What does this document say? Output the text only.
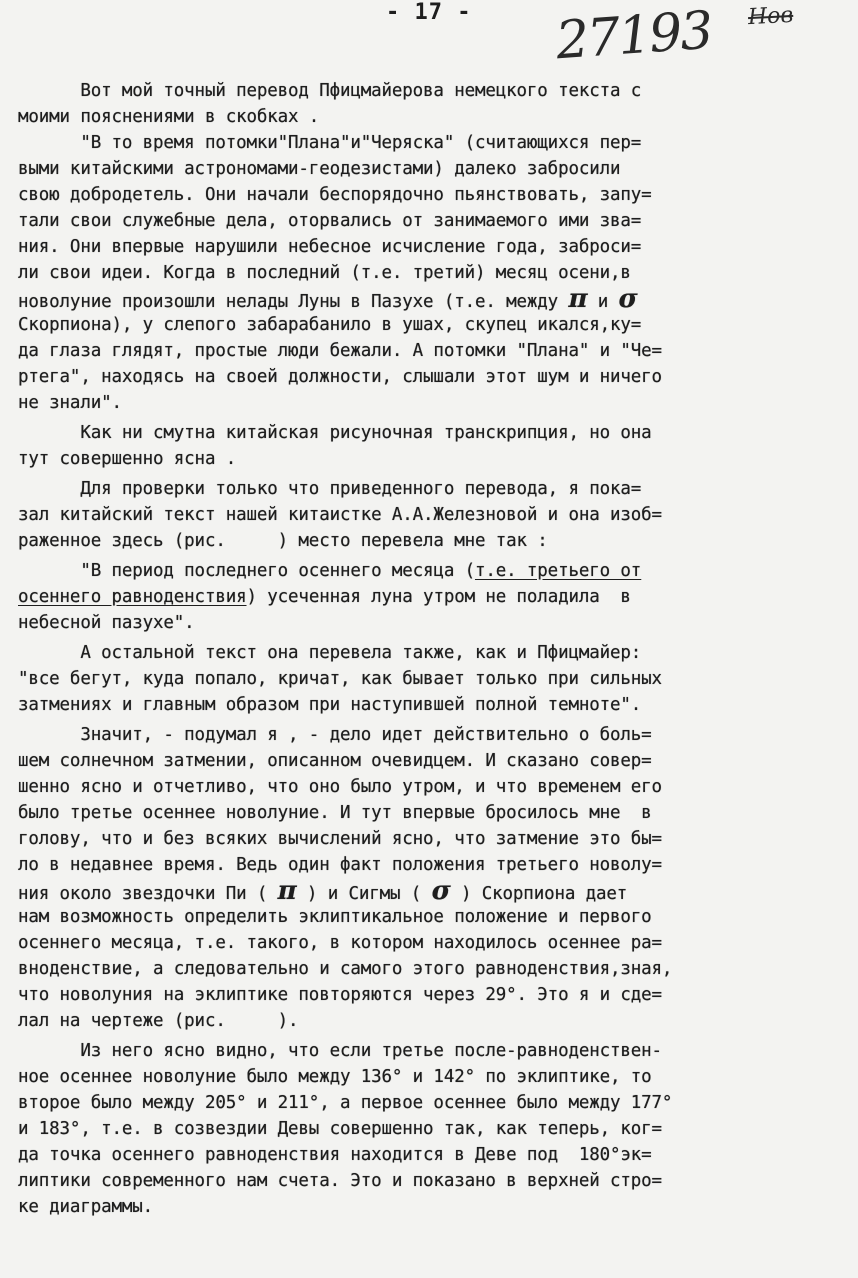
- 17 - 27193 Нов
Вот мой точный перевод Пфицмайерова немецкого текста с
моими пояснениями в скобках .
"В то время потомки"Плана"и"Черяска" (считающихся пер=
выми китайскими астрономами-геодезистами) далеко забросили
свою добродетель. Они начали беспорядочно пьянствовать, запу=
тали свои служебные дела, оторвались от занимаемого ими зва=
ния. Они впервые нарушили небесное исчисление года, заброси=
ли свои идеи. Когда в последний (т.е. третий) месяц осени,в
новолуние произошли нелады Луны в Пазухе (т.е. между π и σ
Скорпиона), у слепого забарабанило в ушах, скупец икался,ку=
да глаза глядят, простые люди бежали. А потомки "Плана" и "Че=
ртега", находясь на своей должности, слышали этот шум и ничего
не знали".
Как ни смутна китайская рисуночная транскрипция, но она
тут совершенно ясна .
Для проверки только что приведенного перевода, я пока=
зал китайский текст нашей китаистке А.А.Железновой и она изоб=
раженное здесь (рис.     ) место перевела мне так :
"В период последнего осеннего месяца (т.е. третьего от
осеннего равноденствия) усеченная луна утром не поладила  в
небесной пазухе".
А остальной текст она перевела также, как и Пфицмайер:
"все бегут, куда попало, кричат, как бывает только при сильных
затмениях и главным образом при наступившей полной темноте".
Значит, - подумал я , - дело идет действительно о боль=
шем солнечном затмении, описанном очевидцем. И сказано совер=
шенно ясно и отчетливо, что оно было утром, и что временем его
было третье осеннее новолуние. И тут впервые бросилось мне  в
голову, что и без всяких вычислений ясно, что затмение это бы=
ло в недавнее время. Ведь один факт положения третьего новолу=
ния около звездочки Пи ( π ) и Сигмы ( σ ) Скорпиона дает
нам возможность определить эклиптикальное положение и первого
осеннего месяца, т.е. такого, в котором находилось осеннее ра=
вноденствие, а следовательно и самого этого равноденствия,зная,
что новолуния на эклиптике повторяются через 29°. Это я и сде=
лал на чертеже (рис.     ).
Из него ясно видно, что если третье после-равноденствен-
ное осеннее новолуние было между 136° и 142° по эклиптике, то
второе было между 205° и 211°, а первое осеннее было между 177°
и 183°, т.е. в созвездии Девы совершенно так, как теперь, ког=
да точка осеннего равноденствия находится в Деве под  180°эк=
липтики современного нам счета. Это и показано в верхней стро=
ке диаграммы.
